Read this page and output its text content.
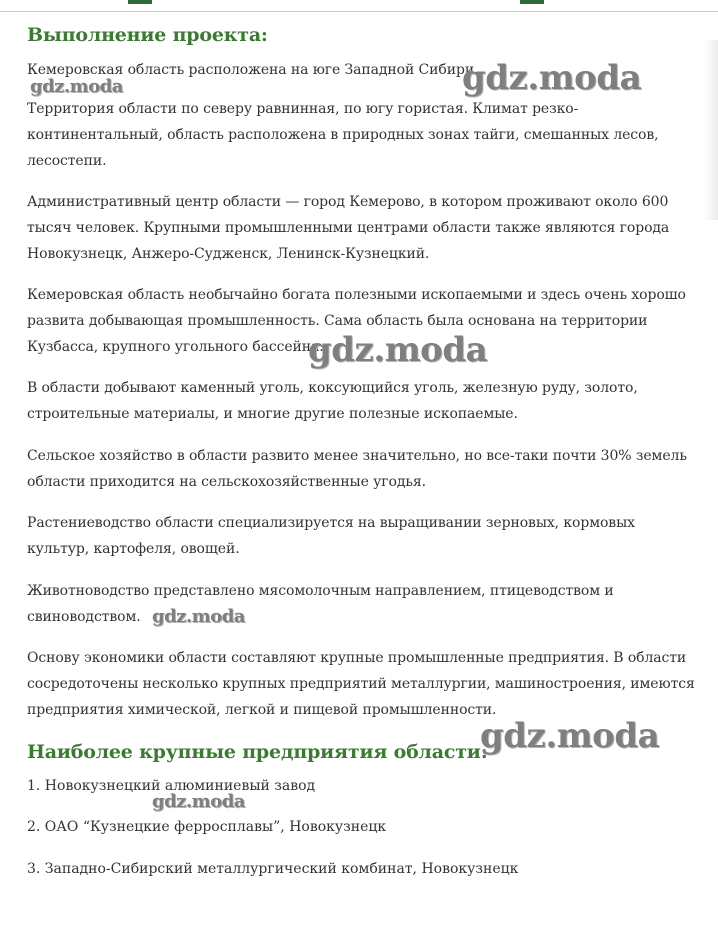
Выполнение проекта:

Кемеровская область расположена на юге Западной Сибири.

Территория области по северу равнинная, по югу гористая. Климат резко-континентальный, область расположена в природных зонах тайги, смешанных лесов, лесостепи.

Административный центр области — город Кемерово, в котором проживают около 600 тысяч человек. Крупными промышленными центрами области также являются города Новокузнецк, Анжеро-Судженск, Ленинск-Кузнецкий.

Кемеровская область необычайно богата полезными ископаемыми и здесь очень хорошо развита добывающая промышленность. Сама область была основана на территории Кузбасса, крупного угольного бассейна.

В области добывают каменный уголь, коксующийся уголь, железную руду, золото, строительные материалы, и многие другие полезные ископаемые.

Сельское хозяйство в области развито менее значительно, но все-таки почти 30% земель области приходится на сельскохозяйственные угодья.

Растениеводство области специализируется на выращивании зерновых, кормовых культур, картофеля, овощей.

Животноводство представлено мясомолочным направлением, птицеводством и свиноводством.

Основу экономики области составляют крупные промышленные предприятия. В области сосредоточены несколько крупных предприятий металлургии, машиностроения, имеются предприятия химической, легкой и пищевой промышленности.

Наиболее крупные предприятия области:

1. Новокузнецкий алюминиевый завод

2. ОАО “Кузнецкие ферросплавы”, Новокузнецк

3. Западно-Сибирский металлургический комбинат, Новокузнецк

gdz.moda
gdz.moda
gdz.moda
gdz.moda
gdz.moda
gdz.moda
